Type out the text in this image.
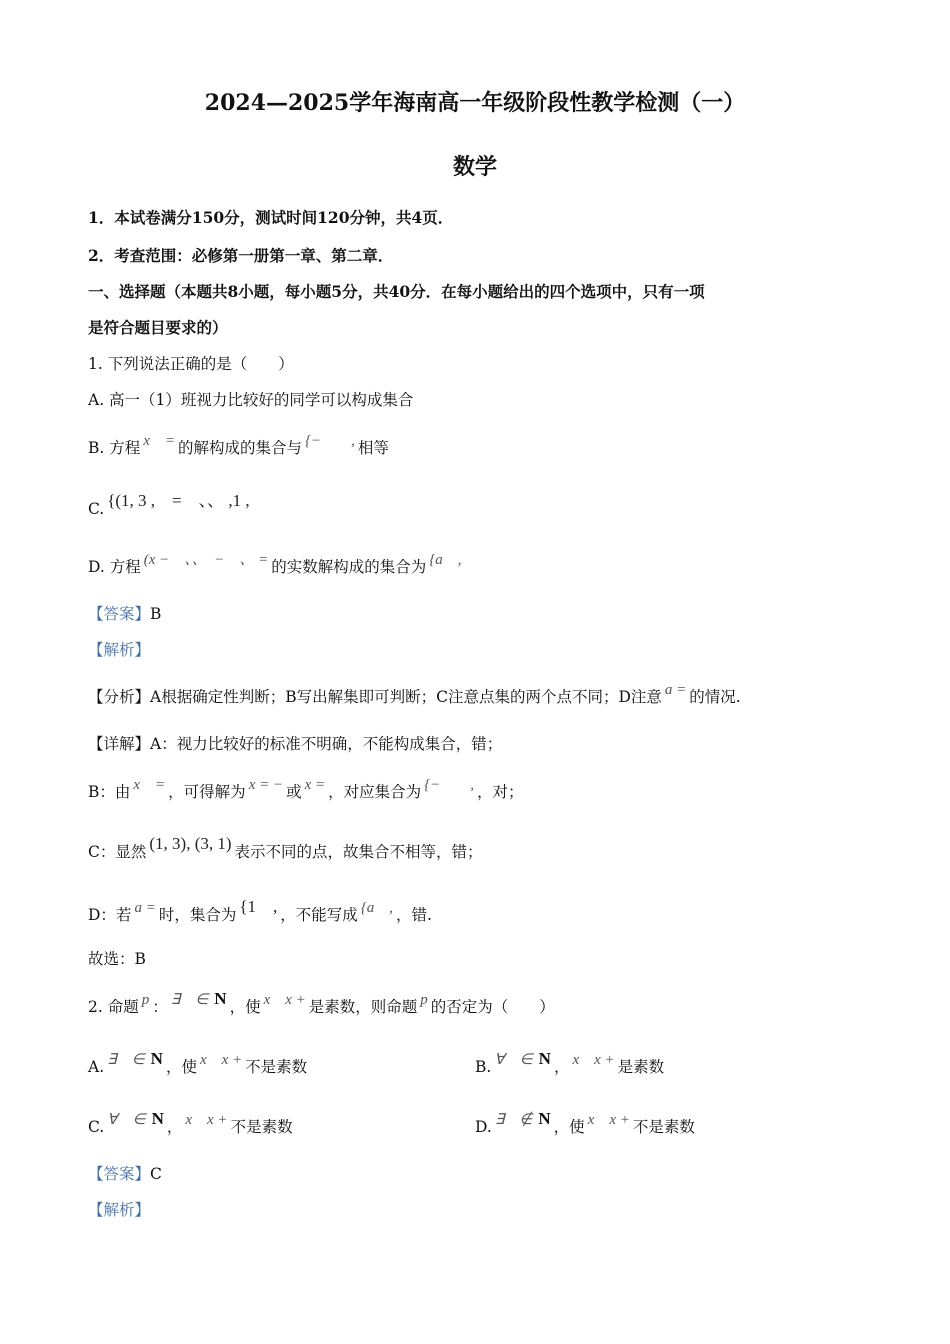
2024—2025学年海南高一年级阶段性教学检测（一）
数学
1．本试卷满分150分，测试时间120分钟，共4页．
2．考查范围：必修第一册第一章、第二章．
一、选择题（本题共8小题，每小题5分，共40分．在每小题给出的四个选项中，只有一项
是符合题目要求的）
1. 下列说法正确的是（　　）
A. 高一（1）班视力比较好的同学可以构成集合
B. 方程 x　= 的解构成的集合与 {−　　, 相等
C. {(1, 3 ,　=　、、 ,1 ,
D. 方程 (x −　、、　−　、 = 的实数解构成的集合为 {a　,
【答案】B
【解析】
【分析】A根据确定性判断；B写出解集即可判断；C注意点集的两个点不同；D注意 a = 的情况.
【详解】A：视力比较好的标准不明确，不能构成集合，错；
B：由 x　= ，可得解为 x = − 或 x = ，对应集合为 {−　　, ，对；
C：显然 (1, 3), (3, 1) 表示不同的点，故集合不相等，错；
D：若 a = 时，集合为 {1　, ，不能写成 {a　, ，错.
故选：B
2. 命题 p ： ∃　∈ N ，使 x　x + 是素数，则命题 p 的否定为（　　）
A. ∃　∈ N ，使 x　x + 不是素数	B. ∀　∈ N ， x　x + 是素数
C. ∀　∈ N ， x　x + 不是素数	D. ∃　∉ N ，使 x　x + 不是素数
【答案】C
【解析】
